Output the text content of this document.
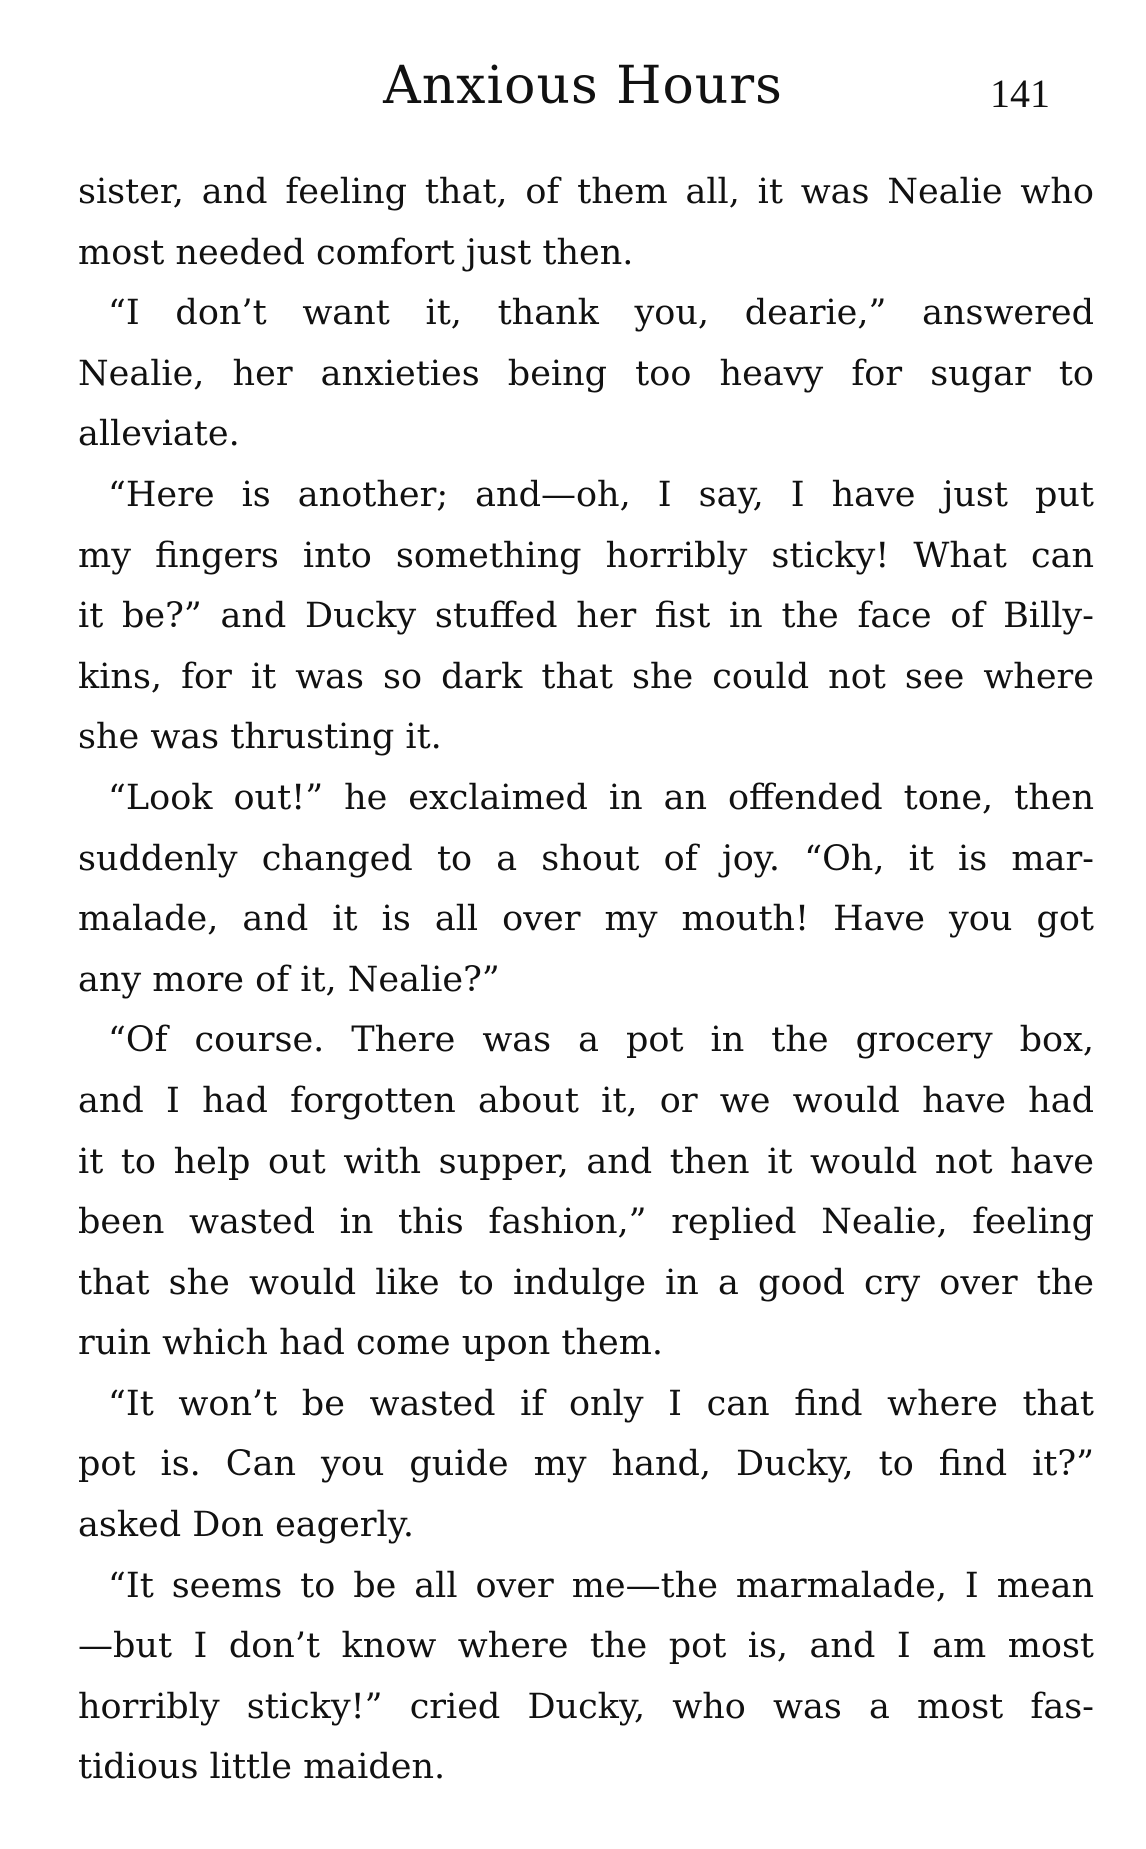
Anxious Hours	141
sister, and feeling that, of them all, it was Nealie who
most needed comfort just then.
“I don’t want it, thank you, dearie,” answered
Nealie, her anxieties being too heavy for sugar to
alleviate.
“Here is another; and—oh, I say, I have just put
my fingers into something horribly sticky! What can
it be?” and Ducky stuffed her fist in the face of Billy-
kins, for it was so dark that she could not see where
she was thrusting it.
“Look out!” he exclaimed in an offended tone, then
suddenly changed to a shout of joy. “Oh, it is mar-
malade, and it is all over my mouth! Have you got
any more of it, Nealie?”
“Of course. There was a pot in the grocery box,
and I had forgotten about it, or we would have had
it to help out with supper, and then it would not have
been wasted in this fashion,” replied Nealie, feeling
that she would like to indulge in a good cry over the
ruin which had come upon them.
“It won’t be wasted if only I can find where that
pot is. Can you guide my hand, Ducky, to find it?”
asked Don eagerly.
“It seems to be all over me—the marmalade, I mean
—but I don’t know where the pot is, and I am most
horribly sticky!” cried Ducky, who was a most fas-
tidious little maiden.
